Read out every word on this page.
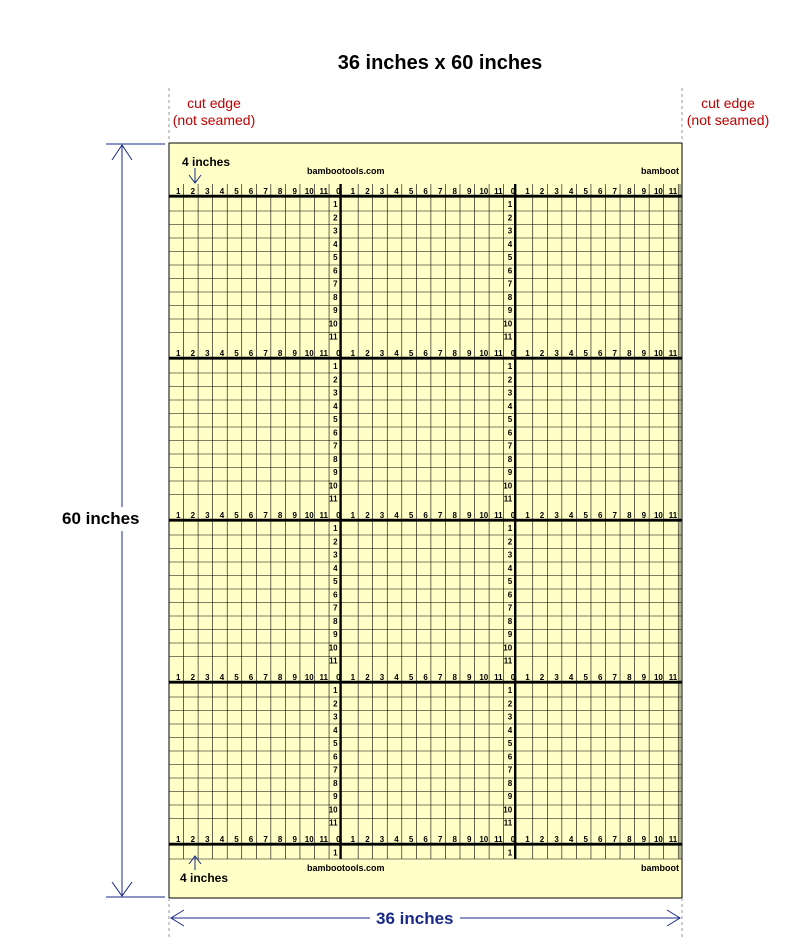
36 inches x 60 inches
cut edge
(not seamed)
cut edge
(not seamed)
1 2 3 4 5 6 7 8 9 10 11 0 1 2 3 4 5 6 7 8 9 10 11 0 1 2 3 4 5 6 7 8 9 10 11
1 2 3 4 5 6 7 8 9 10 11 0 1 2 3 4 5 6 7 8 9 10 11 0 1 2 3 4 5 6 7 8 9 10 11
1 2 3 4 5 6 7 8 9 10 11 0 1 2 3 4 5 6 7 8 9 10 11 0 1 2 3 4 5 6 7 8 9 10 11
1 2 3 4 5 6 7 8 9 10 11 0 1 2 3 4 5 6 7 8 9 10 11 0 1 2 3 4 5 6 7 8 9 10 11
1 2 3 4 5 6 7 8 9 10 11 0 1 2 3 4 5 6 7 8 9 10 11 0 1 2 3 4 5 6 7 8 9 10 11
1
2
3
4
5
6
7
8
9
10
11
1
2
3
4
5
6
7
8
9
10
11
1
2
3
4
5
6
7
8
9
10
11
1
2
3
4
5
6
7
8
9
10
11
1
2
3
4
5
6
7
8
9
10
11
1
2
3
4
5
6
7
8
9
10
11
1
2
3
4
5
6
7
8
9
10
11
1
2
3
4
5
6
7
8
9
10
11
1	1
60 inches
36 inches
4 inches
4 inches
bambootools.com	bamboot
bambootools.com	bamboot
